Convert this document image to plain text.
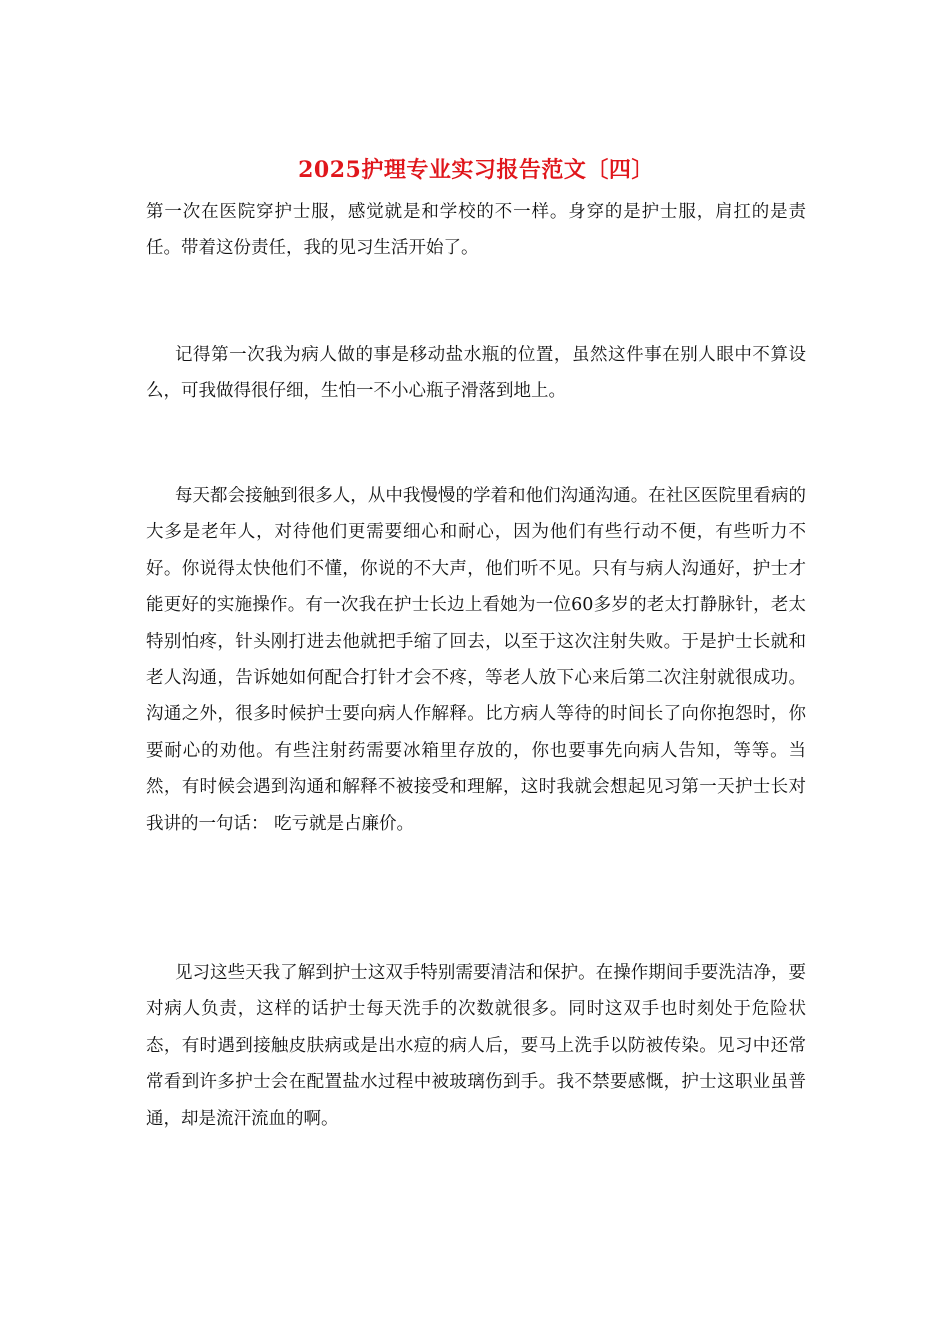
2025护理专业实习报告范文〔四〕

第一次在医院穿护士服，感觉就是和学校的不一样。身穿的是护士服，肩扛的是责任。带着这份责任，我的见习生活开始了。

记得第一次我为病人做的事是移动盐水瓶的位置，虽然这件事在别人眼中不算设么，可我做得很仔细，生怕一不小心瓶子滑落到地上。

每天都会接触到很多人，从中我慢慢的学着和他们沟通沟通。在社区医院里看病的大多是老年人，对待他们更需要细心和耐心，因为他们有些行动不便，有些听力不好。你说得太快他们不懂，你说的不大声，他们听不见。只有与病人沟通好，护士才能更好的实施操作。有一次我在护士长边上看她为一位60多岁的老太打静脉针，老太特别怕疼，针头刚打进去他就把手缩了回去，以至于这次注射失败。于是护士长就和老人沟通，告诉她如何配合打针才会不疼，等老人放下心来后第二次注射就很成功。沟通之外，很多时候护士要向病人作解释。比方病人等待的时间长了向你抱怨时，你要耐心的劝他。有些注射药需要冰箱里存放的，你也要事先向病人告知，等等。当然，有时候会遇到沟通和解释不被接受和理解，这时我就会想起见习第一天护士长对我讲的一句话： 吃亏就是占廉价。

见习这些天我了解到护士这双手特别需要清洁和保护。在操作期间手要洗洁净，要对病人负责，这样的话护士每天洗手的次数就很多。同时这双手也时刻处于危险状态，有时遇到接触皮肤病或是出水痘的病人后，要马上洗手以防被传染。见习中还常常看到许多护士会在配置盐水过程中被玻璃伤到手。我不禁要感慨，护士这职业虽普通，却是流汗流血的啊。
